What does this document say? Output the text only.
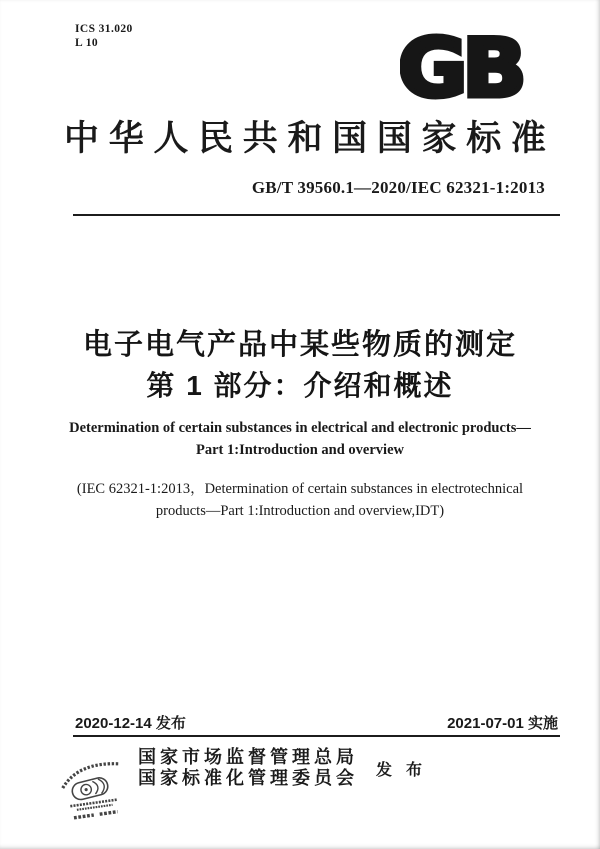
ICS 31.020
L 10	GB
中 华 人 民 共 和 国 国 家 标 准
GB/T 39560.1—2020/IEC 62321-1:2013
电子电气产品中某些物质的测定
第 1 部分：介绍和概述
Determination of certain substances in electrical and electronic products—
Part 1:Introduction and overview
(IEC 62321-1:2013，Determination of certain substances in electrotechnical
products—Part 1:Introduction and overview,IDT)
2020-12-14 发布	2021-07-01 实施
国家市场监督管理总局
国家标准化管理委员会 发布
